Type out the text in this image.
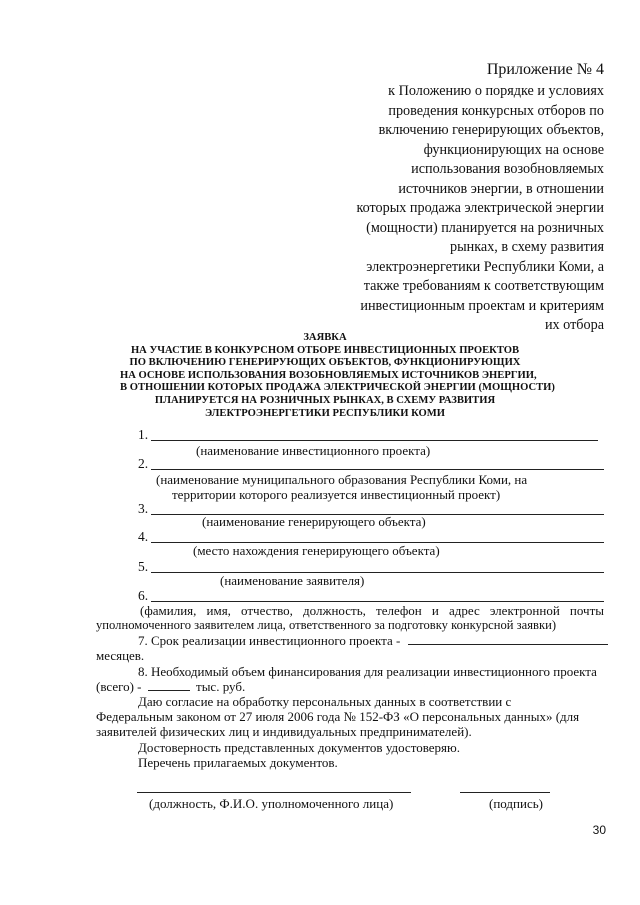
Приложение № 4
к Положению о порядке и условиях
проведения конкурсных отборов по
включению генерирующих объектов,
функционирующих на основе
использования возобновляемых
источников энергии, в отношении
которых продажа электрической энергии
(мощности) планируется на розничных
рынках, в схему развития
электроэнергетики Республики Коми, а
также требованиям к соответствующим
инвестиционным проектам и критериям
их отбора
ЗАЯВКА
НА УЧАСТИЕ В КОНКУРСНОМ ОТБОРЕ ИНВЕСТИЦИОННЫХ ПРОЕКТОВ
ПО ВКЛЮЧЕНИЮ ГЕНЕРИРУЮЩИХ ОБЪЕКТОВ, ФУНКЦИОНИРУЮЩИХ
НА ОСНОВЕ ИСПОЛЬЗОВАНИЯ ВОЗОБНОВЛЯЕМЫХ ИСТОЧНИКОВ ЭНЕРГИИ,
В ОТНОШЕНИИ КОТОРЫХ ПРОДАЖА ЭЛЕКТРИЧЕСКОЙ ЭНЕРГИИ (МОЩНОСТИ)
ПЛАНИРУЕТСЯ НА РОЗНИЧНЫХ РЫНКАХ, В СХЕМУ РАЗВИТИЯ
ЭЛЕКТРОЭНЕРГЕТИКИ РЕСПУБЛИКИ КОМИ
1.
(наименование инвестиционного проекта)
2.
(наименование муниципального образования Республики Коми, на
территории которого реализуется инвестиционный проект)
3.
(наименование генерирующего объекта)
4.
(место нахождения генерирующего объекта)
5.
(наименование заявителя)
6.
(фамилия, имя, отчество, должность, телефон и адрес электронной почты
уполномоченного заявителем лица, ответственного за подготовку конкурсной заявки)
7. Срок реализации инвестиционного проекта -
месяцев.
8. Необходимый объем финансирования для реализации инвестиционного проекта
(всего) -	тыс. руб.
Даю согласие на обработку персональных данных в соответствии с
Федеральным законом от 27 июля 2006 года № 152-ФЗ «О персональных данных» (для
заявителей физических лиц и индивидуальных предпринимателей).
Достоверность представленных документов удостоверяю.
Перечень прилагаемых документов.
(должность, Ф.И.О. уполномоченного лица)	(подпись)
30
